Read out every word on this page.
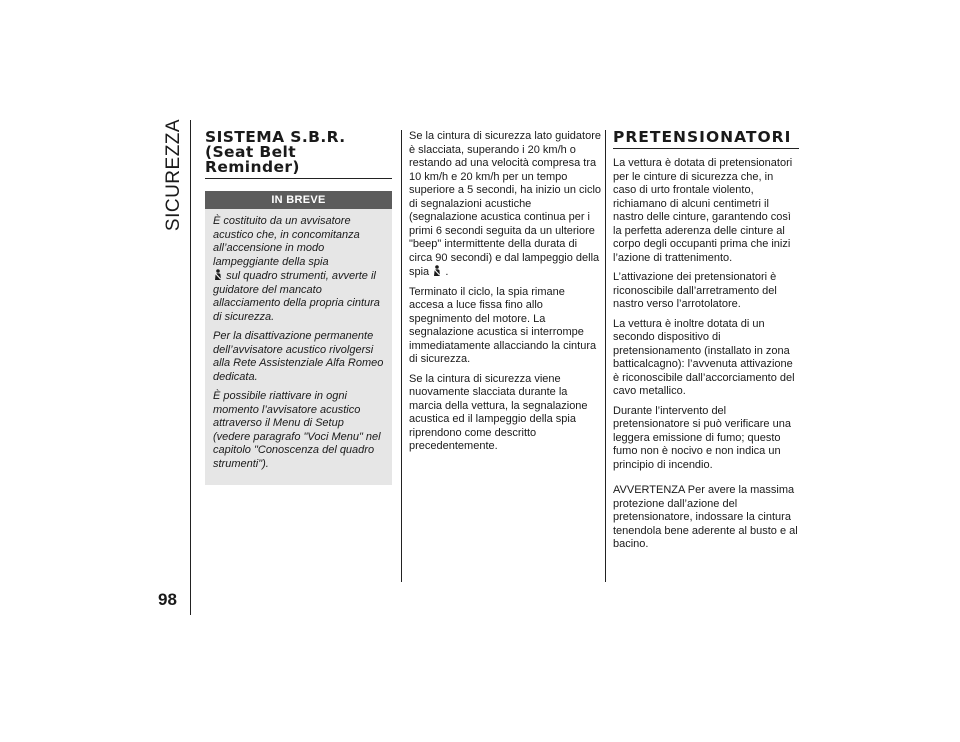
SICUREZZA
98
SISTEMA S.B.R. (Seat Belt Reminder)
IN BREVE

È costituito da un avvisatore acustico che, in concomitanza all’accensione in modo lampeggiante della spia
sul quadro strumenti, avverte il guidatore del mancato allacciamento della propria cintura di sicurezza.

Per la disattivazione permanente dell’avvisatore acustico rivolgersi alla Rete Assistenziale Alfa Romeo dedicata.

È possibile riattivare in ogni momento l’avvisatore acustico attraverso il Menu di Setup (vedere paragrafo "Voci Menu" nel capitolo "Conoscenza del quadro strumenti").

Se la cintura di sicurezza lato guidatore è slacciata, superando i 20 km/h o restando ad una velocità compresa tra 10 km/h e 20 km/h per un tempo superiore a 5 secondi, ha inizio un ciclo di segnalazioni acustiche (segnalazione acustica continua per i primi 6 secondi seguita da un ulteriore "beep" intermittente della durata di circa 90 secondi) e dal lampeggio della spia .

Terminato il ciclo, la spia rimane accesa a luce fissa fino allo spegnimento del motore. La segnalazione acustica si interrompe immediatamente allacciando la cintura di sicurezza.

Se la cintura di sicurezza viene nuovamente slacciata durante la marcia della vettura, la segnalazione acustica ed il lampeggio della spia riprendono come descritto precedentemente.

PRETENSIONATORI

La vettura è dotata di pretensionatori per le cinture di sicurezza che, in caso di urto frontale violento, richiamano di alcuni centimetri il nastro delle cinture, garantendo così la perfetta aderenza delle cinture al corpo degli occupanti prima che inizi l’azione di trattenimento.

L’attivazione dei pretensionatori è riconoscibile dall’arretramento del nastro verso l’arrotolatore.

La vettura è inoltre dotata di un secondo dispositivo di pretensionamento (installato in zona batticalcagno): l’avvenuta attivazione è riconoscibile dall’accorciamento del cavo metallico.

Durante l’intervento del pretensionatore si può verificare una leggera emissione di fumo; questo fumo non è nocivo e non indica un principio di incendio.

AVVERTENZA Per avere la massima protezione dall’azione del pretensionatore, indossare la cintura tenendola bene aderente al busto e al bacino.
